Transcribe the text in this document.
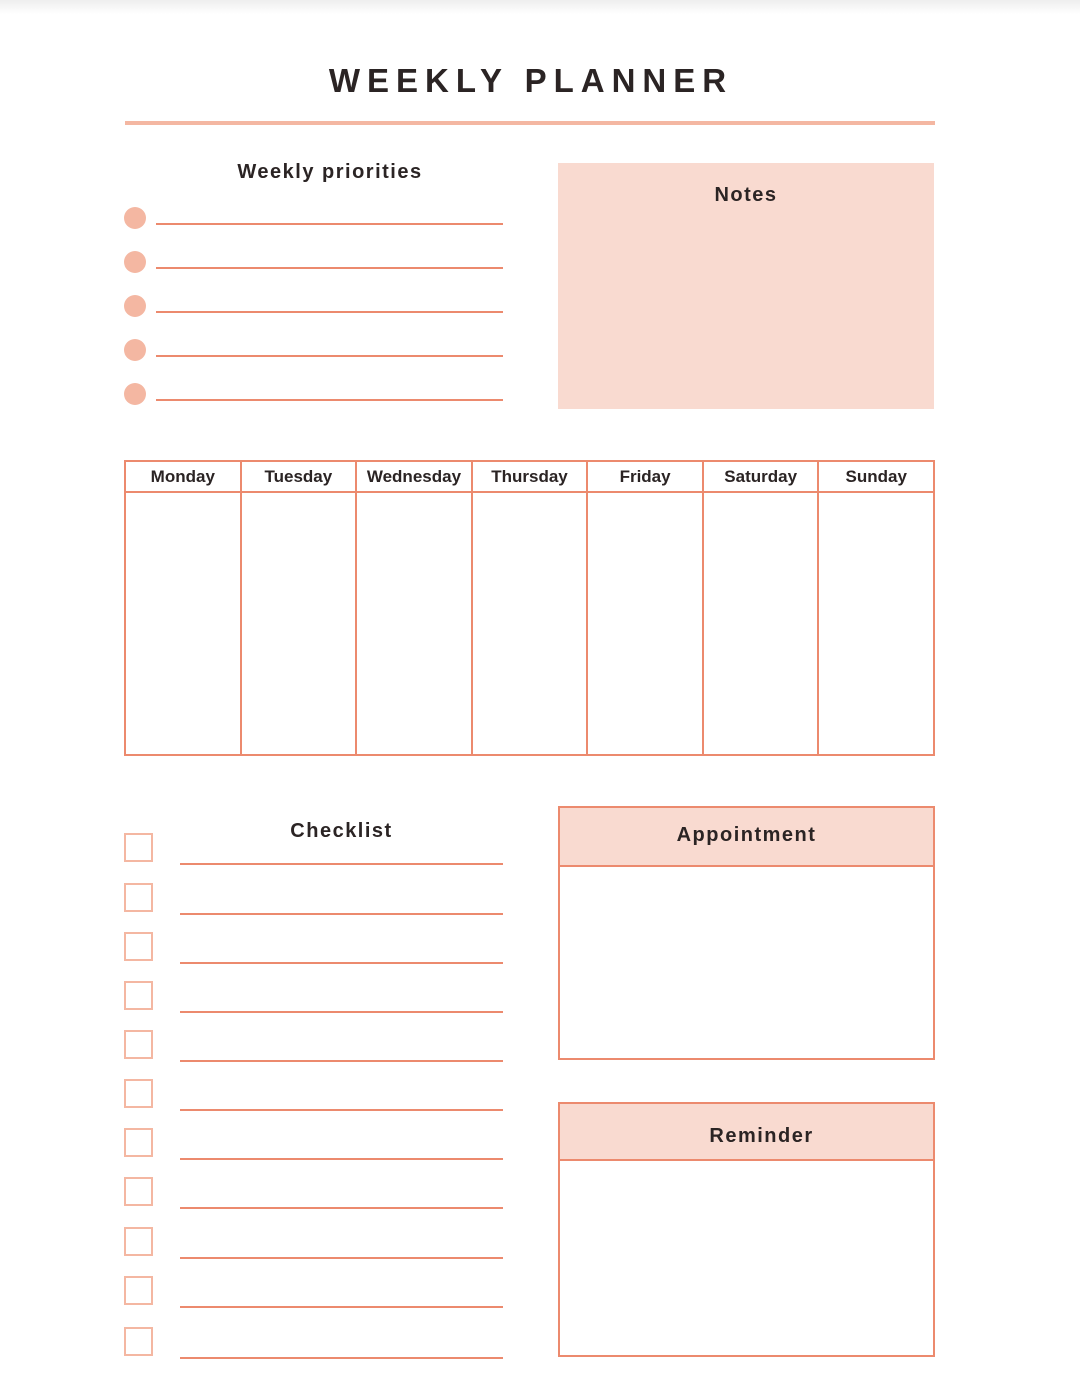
WEEKLY PLANNER
Weekly priorities
Notes
Monday	Tuesday	Wednesday	Thursday	Friday	Saturday	Sunday
Checklist	Appointment
Reminder
